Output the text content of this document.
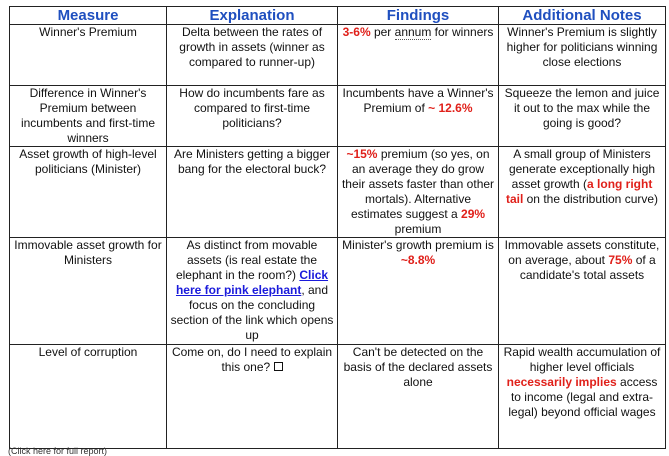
Measure	Explanation	Findings	Additional Notes
Winner's Premium	Delta between the rates of growth in assets (winner as compared to runner-up)	3-6% per annum for winners	Winner's Premium is slightly higher for politicians winning close elections
Difference in Winner's Premium between incumbents and first-time winners	How do incumbents fare as compared to first-time politicians?	Incumbents have a Winner's Premium of ~ 12.6%	Squeeze the lemon and juice it out to the max while the going is good?
Asset growth of high-level politicians (Minister)	Are Ministers getting a bigger bang for the electoral buck?	~15% premium (so yes, on an average they do grow their assets faster than other mortals). Alternative estimates suggest a 29% premium	A small group of Ministers generate exceptionally high asset growth (a long right tail on the distribution curve)
Immovable asset growth for Ministers	As distinct from movable assets (is real estate the elephant in the room?) Click here for pink elephant, and focus on the concluding section of the link which opens up	Minister's growth premium is ~8.8%	Immovable assets constitute, on average, about 75% of a candidate's total assets
Level of corruption	Come on, do I need to explain this one?	Can't be detected on the basis of the declared assets alone	Rapid wealth accumulation of higher level officials necessarily implies access to income (legal and extra-legal) beyond official wages
(Click here for full report)
